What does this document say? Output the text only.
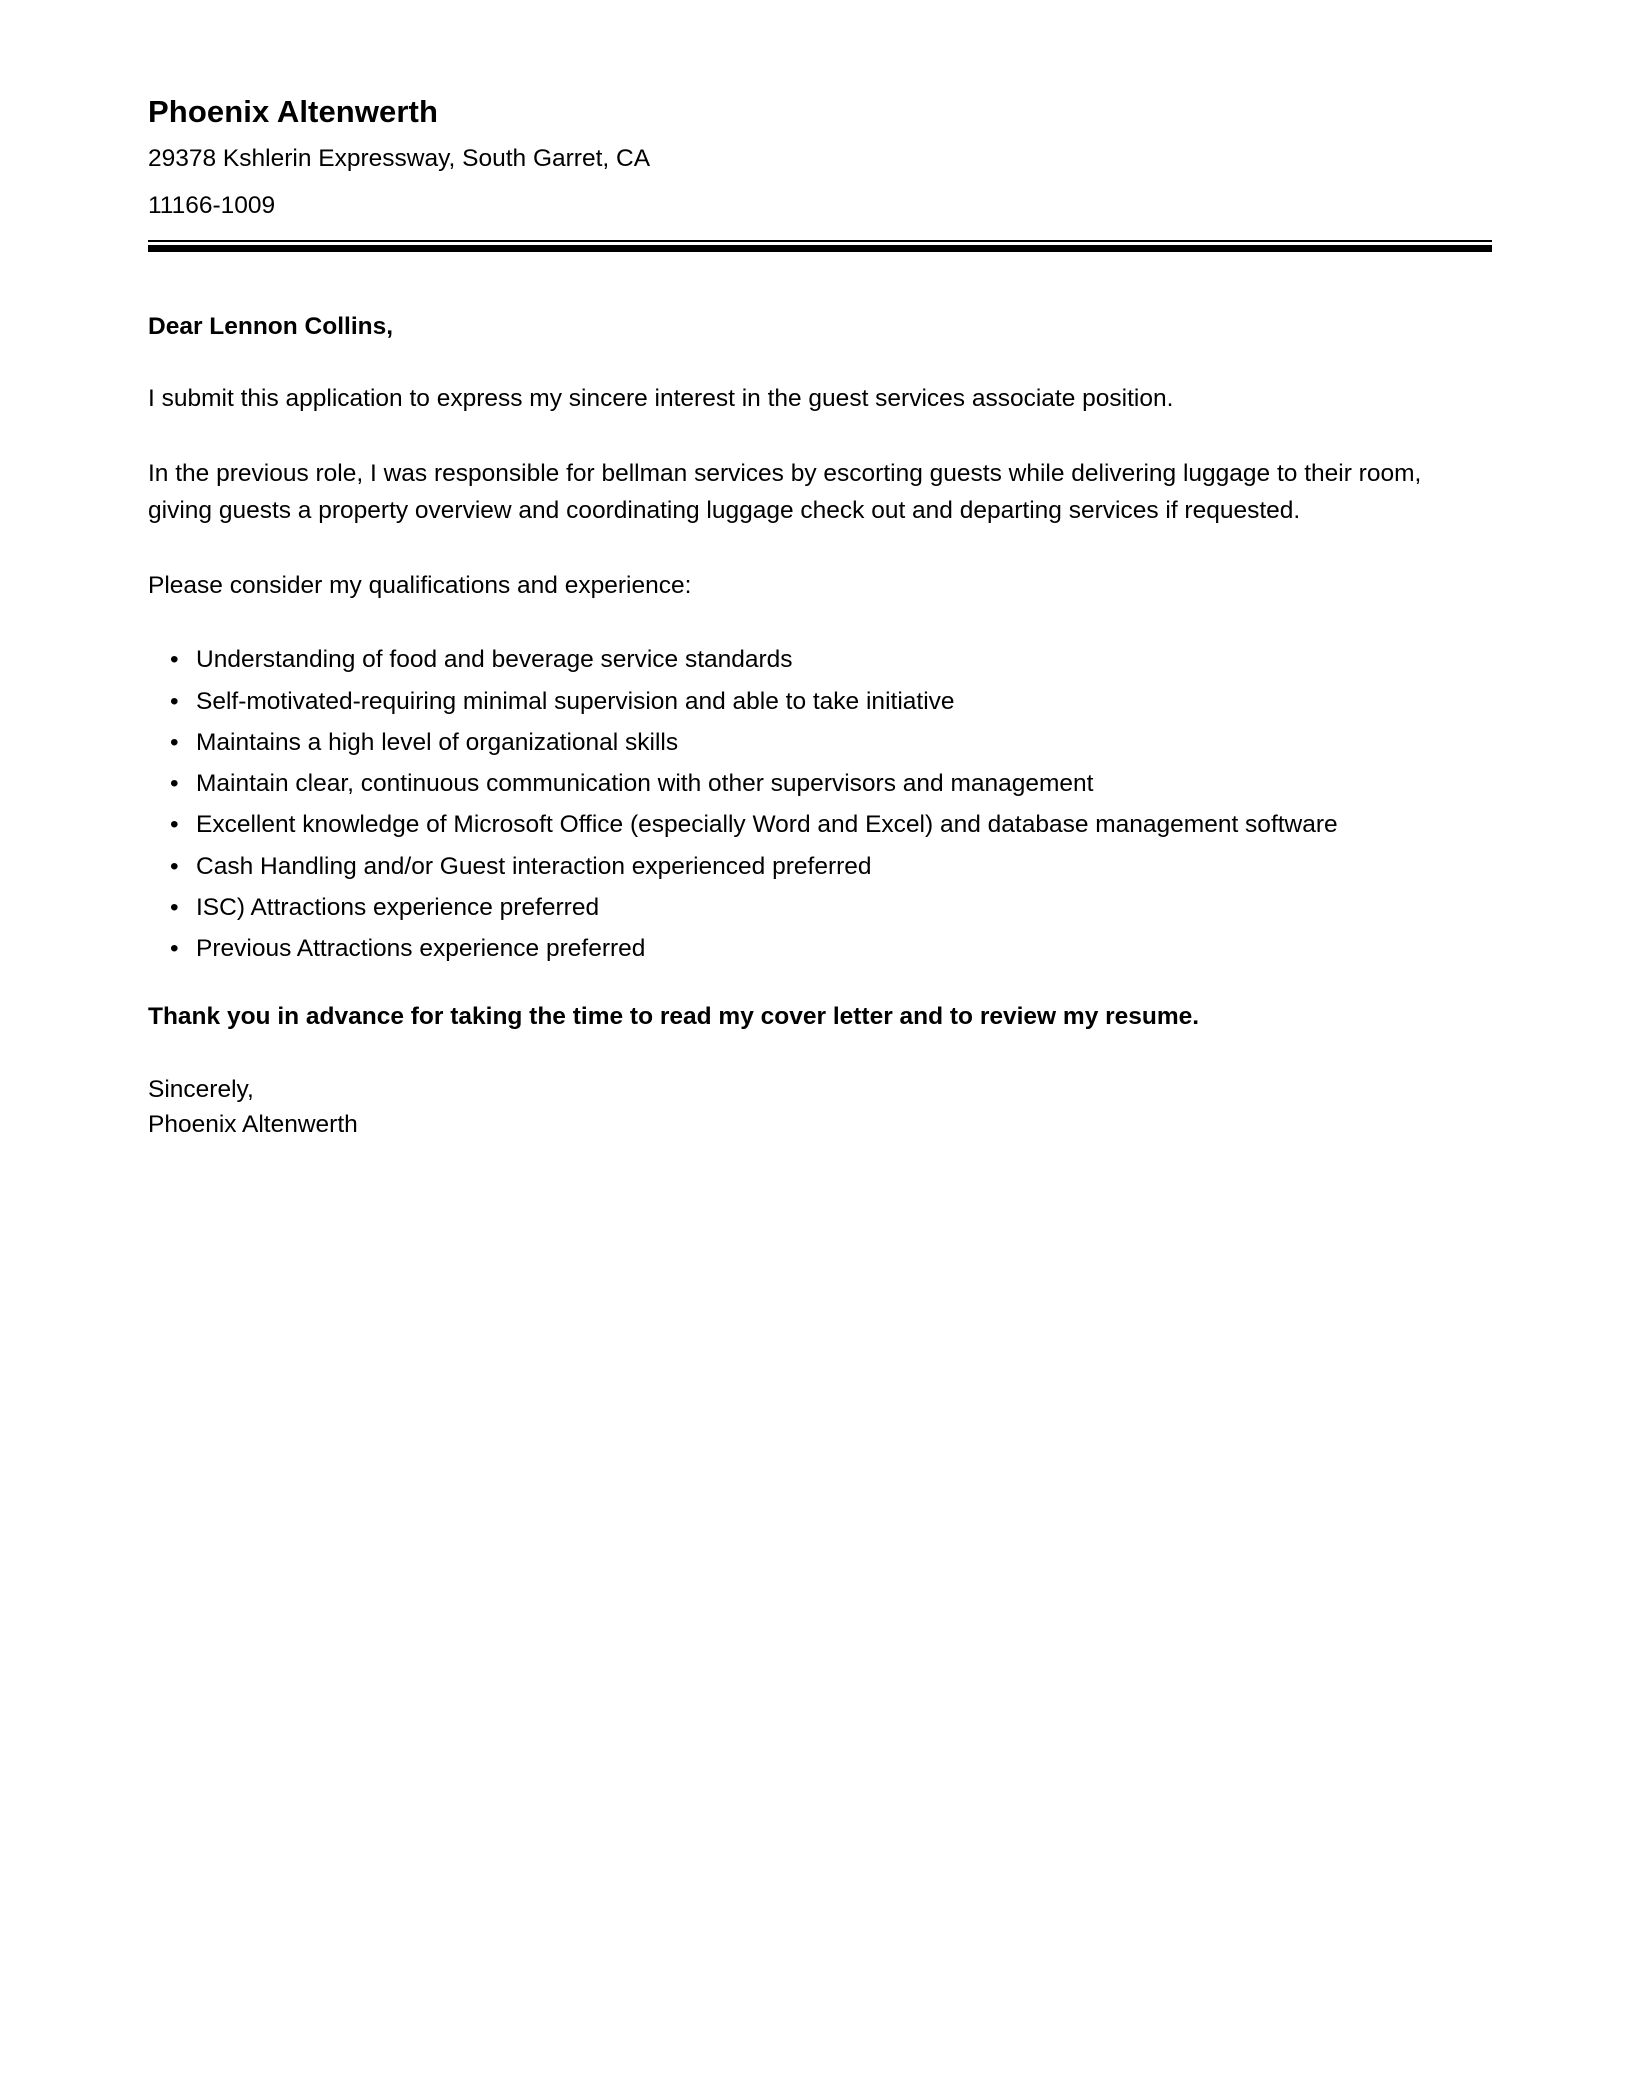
Phoenix Altenwerth
29378 Kshlerin Expressway, South Garret, CA
11166-1009

Dear Lennon Collins,

I submit this application to express my sincere interest in the guest services associate position.

In the previous role, I was responsible for bellman services by escorting guests while delivering luggage to their room, giving guests a property overview and coordinating luggage check out and departing services if requested.

Please consider my qualifications and experience:

• Understanding of food and beverage service standards
• Self-motivated-requiring minimal supervision and able to take initiative
• Maintains a high level of organizational skills
• Maintain clear, continuous communication with other supervisors and management
• Excellent knowledge of Microsoft Office (especially Word and Excel) and database management software
• Cash Handling and/or Guest interaction experienced preferred
• ISC) Attractions experience preferred
• Previous Attractions experience preferred

Thank you in advance for taking the time to read my cover letter and to review my resume.

Sincerely,

Phoenix Altenwerth
